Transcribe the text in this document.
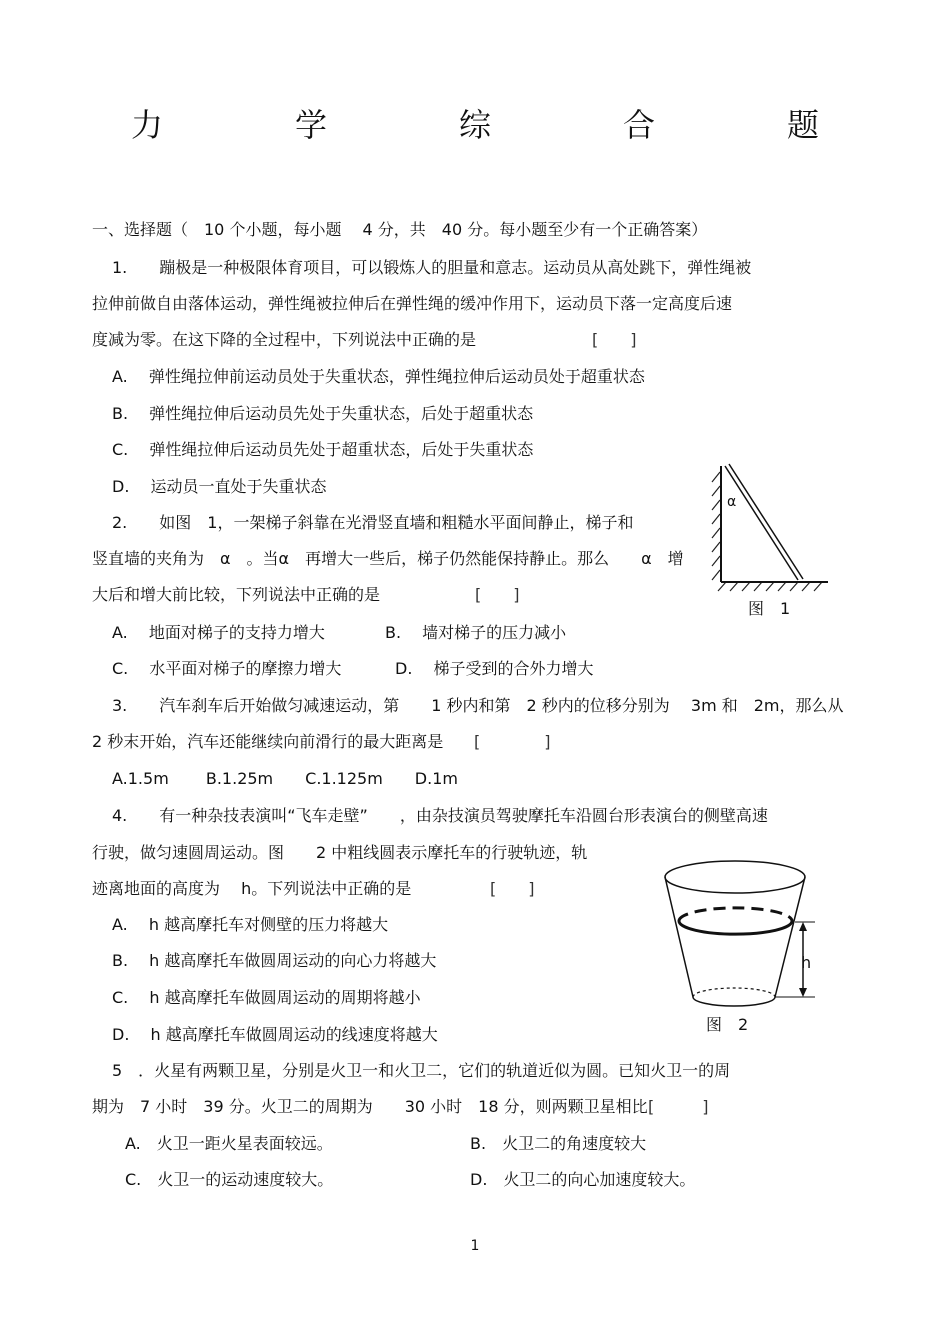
力　学　综　合　题
一、选择题（　10 个小题，每小题　 4 分，共　40 分。每小题至少有一个正确答案）
1.　　蹦极是一种极限体育项目，可以锻炼人的胆量和意志。运动员从高处跳下，弹性绳被
拉伸前做自由落体运动，弹性绳被拉伸后在弹性绳的缓冲作用下，运动员下落一定高度后速
度减为零。在这下降的全过程中，下列说法中正确的是	[　　]
A.　 弹性绳拉伸前运动员处于失重状态，弹性绳拉伸后运动员处于超重状态
B.　 弹性绳拉伸后运动员先处于失重状态，后处于超重状态
C.　 弹性绳拉伸后运动员先处于超重状态，后处于失重状态
D.　 运动员一直处于失重状态
2.　　如图　1，一架梯子斜靠在光滑竖直墙和粗糙水平面间静止，梯子和
竖直墙的夹角为　α　。当α　再增大一些后，梯子仍然能保持静止。那么　　α　增
大后和增大前比较，下列说法中正确的是	[　　]
A.　 地面对梯子的支持力增大	B.　 墙对梯子的压力减小
C.　 水平面对梯子的摩擦力增大	D.　 梯子受到的合外力增大
α
图　1
3.　　汽车刹车后开始做匀减速运动，第　　1 秒内和第　2 秒内的位移分别为　 3m 和　2m，那么从
2 秒末开始，汽车还能继续向前滑行的最大距离是 [　　　　]
A.1.5m　　 B.1.25m　　C.1.125m　　D.1m
4.　　有一种杂技表演叫“飞车走壁”　　，由杂技演员驾驶摩托车沿圆台形表演台的侧壁高速
行驶，做匀速圆周运动。图　　2 中粗线圆表示摩托车的行驶轨迹，轨
迹离地面的高度为　 h。下列说法中正确的是	[　　]
A.　 h 越高摩托车对侧壁的压力将越大
B.　 h 越高摩托车做圆周运动的向心力将越大
C.　 h 越高摩托车做圆周运动的周期将越小
D.　 h 越高摩托车做圆周运动的线速度将越大
h
图　2
5　．火星有两颗卫星，分别是火卫一和火卫二，它们的轨道近似为圆。已知火卫一的周
期为　7 小时　39 分。火卫二的周期为　　30 小时　18 分，则两颗卫星相比 [　　　]
A.　火卫一距火星表面较远。	B.　火卫二的角速度较大
C.　火卫一的运动速度较大。	D.　火卫二的向心加速度较大。
1
